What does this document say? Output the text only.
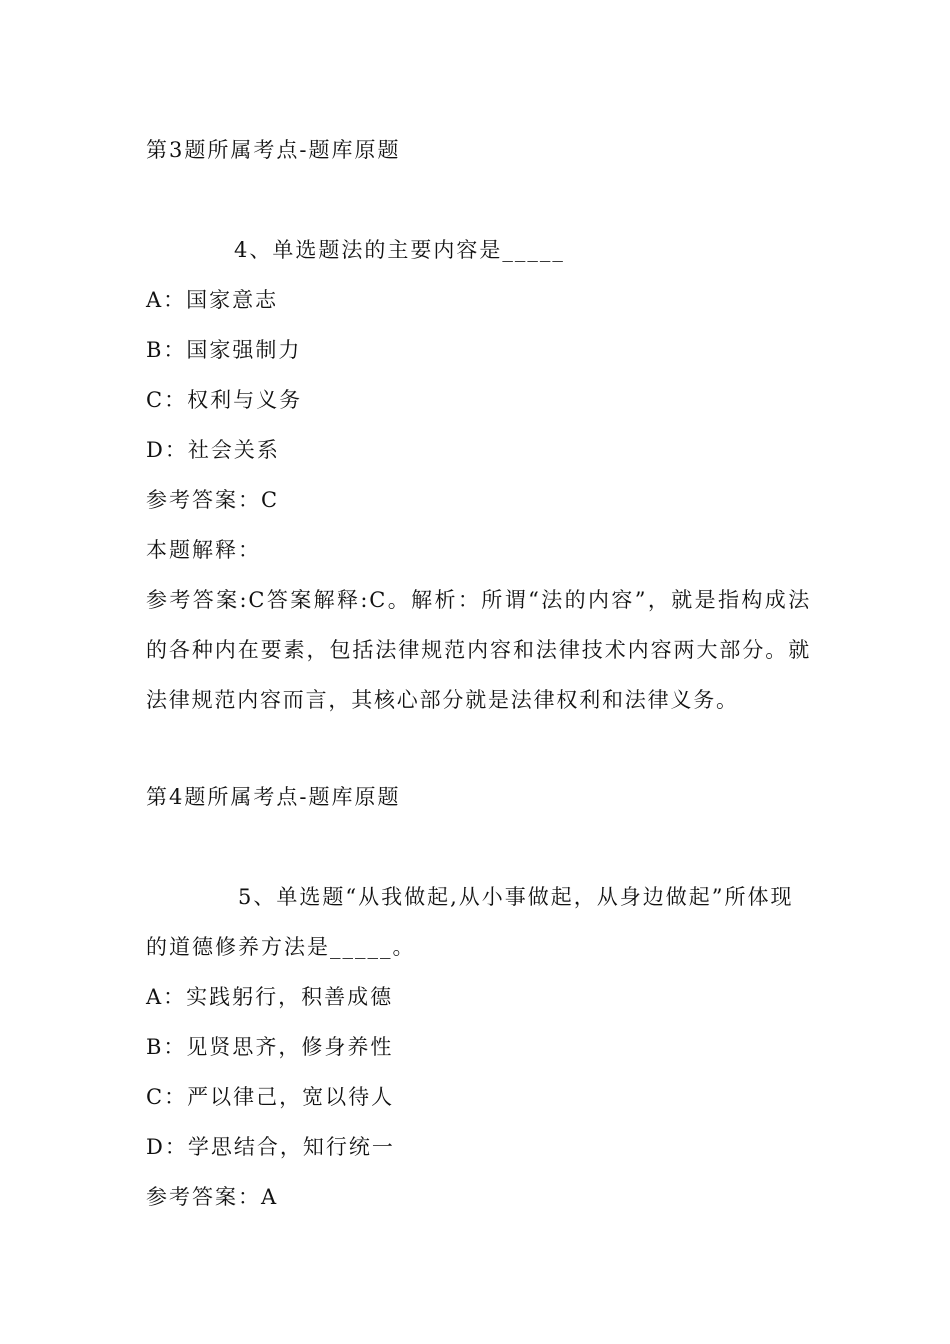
第3题所属考点-题库原题
4、单选题法的主要内容是_____
A：国家意志
B：国家强制力
C：权利与义务
D：社会关系
参考答案：C
本题解释：
参考答案:C答案解释:C。解析：所谓“法的内容”，就是指构成法的各种内在要素，包括法律规范内容和法律技术内容两大部分。就法律规范内容而言，其核心部分就是法律权利和法律义务。
第4题所属考点-题库原题
5、单选题“从我做起,从小事做起，从身边做起”所体现
的道德修养方法是_____。
A：实践躬行，积善成德
B：见贤思齐，修身养性
C：严以律己，宽以待人
D：学思结合，知行统一
参考答案：A
